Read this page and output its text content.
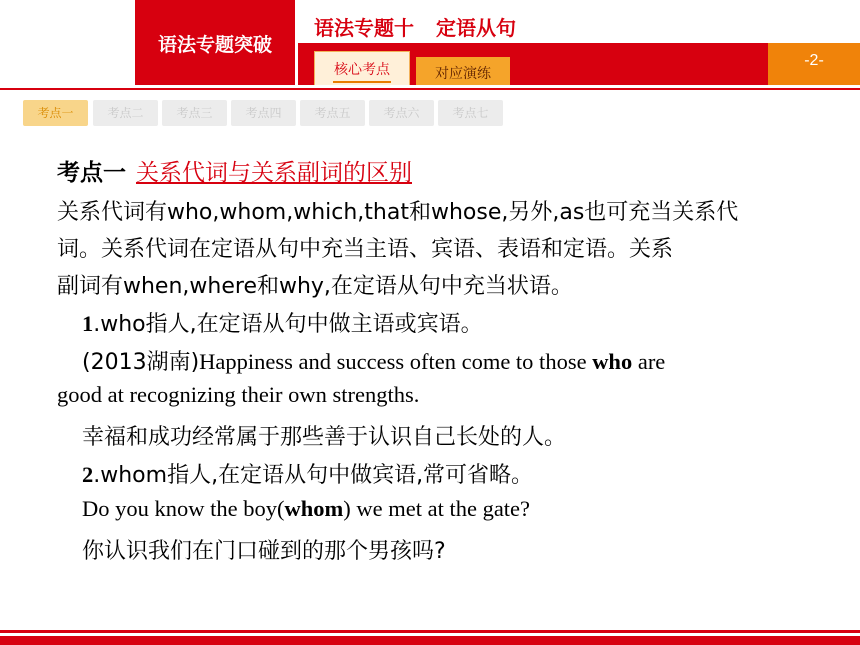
语法专题突破
语法专题十 定语从句
-2-
核心考点	对应演练
考点一	考点二	考点三	考点四	考点五	考点六	考点七
考点一 关系代词与关系副词的区别
关系代词有who,whom,which,that和whose,另外,as也可充当关系代
词。关系代词在定语从句中充当主语、宾语、表语和定语。关系
副词有when,where和why,在定语从句中充当状语。
1.who指人,在定语从句中做主语或宾语。
(2013湖南)Happiness and success often come to those who are
good at recognizing their own strengths.
幸福和成功经常属于那些善于认识自己长处的人。
2.whom指人,在定语从句中做宾语,常可省略。
Do you know the boy(whom) we met at the gate?
你认识我们在门口碰到的那个男孩吗?
